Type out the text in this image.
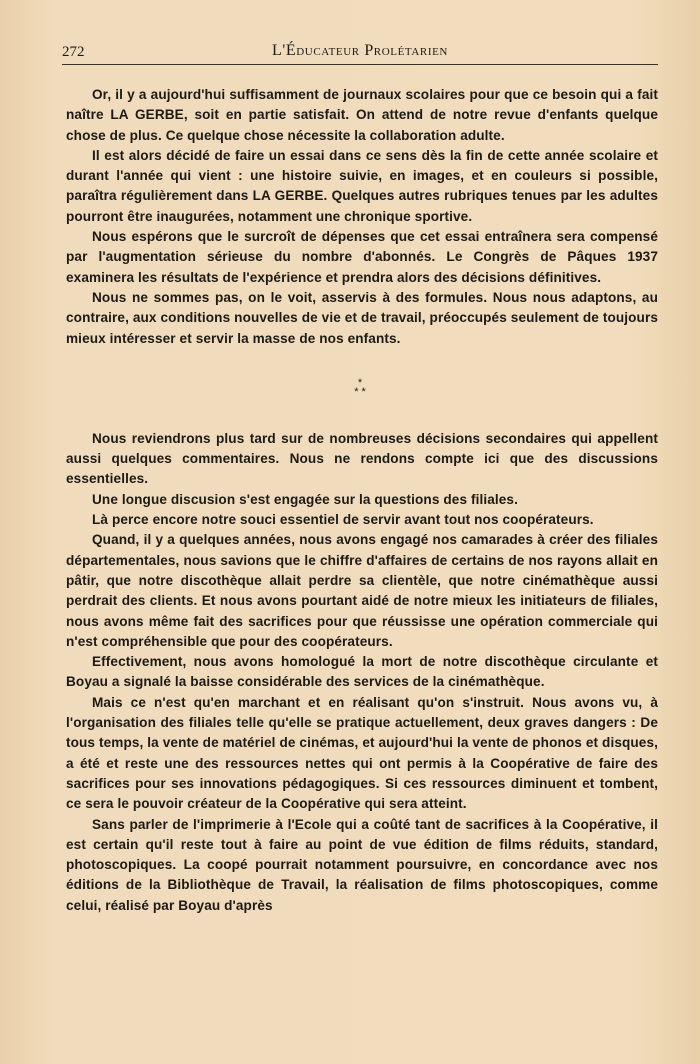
272	L'Éducateur Prolétarien

Or, il y a aujourd'hui suffisamment de journaux scolaires pour que ce besoin qui a fait naître LA GERBE, soit en partie satisfait. On attend de notre revue d'enfants quelque chose de plus. Ce quelque chose nécessite la collaboration adulte.

Il est alors décidé de faire un essai dans ce sens dès la fin de cette année scolaire et durant l'année qui vient : une histoire suivie, en images, et en couleurs si possible, paraîtra régulièrement dans LA GERBE. Quelques autres rubriques tenues par les adultes pourront être inaugurées, notamment une chronique sportive.

Nous espérons que le surcroît de dépenses que cet essai entraînera sera compensé par l'augmentation sérieuse du nombre d'abonnés. Le Congrès de Pâques 1937 examinera les résultats de l'expérience et prendra alors des décisions définitives.

Nous ne sommes pas, on le voit, asservis à des formules. Nous nous adaptons, au contraire, aux conditions nouvelles de vie et de travail, préoccupés seulement de toujours mieux intéresser et servir la masse de nos enfants.

*
* *

Nous reviendrons plus tard sur de nombreuses décisions secondaires qui appellent aussi quelques commentaires. Nous ne rendons compte ici que des discussions essentielles.

Une longue discusion s'est engagée sur la questions des filiales.

Là perce encore notre souci essentiel de servir avant tout nos coopérateurs.

Quand, il y a quelques années, nous avons engagé nos camarades à créer des filiales départementales, nous savions que le chiffre d'affaires de certains de nos rayons allait en pâtir, que notre discothèque allait perdre sa clientèle, que notre cinémathèque aussi perdrait des clients. Et nous avons pourtant aidé de notre mieux les initiateurs de filiales, nous avons même fait des sacrifices pour que réussisse une opération commerciale qui n'est compréhensible que pour des coopérateurs.

Effectivement, nous avons homologué la mort de notre discothèque circulante et Boyau a signalé la baisse considérable des services de la cinémathèque.

Mais ce n'est qu'en marchant et en réalisant qu'on s'instruit. Nous avons vu, à l'organisation des filiales telle qu'elle se pratique actuellement, deux graves dangers : De tous temps, la vente de matériel de cinémas, et aujourd'hui la vente de phonos et disques, a été et reste une des ressources nettes qui ont permis à la Coopérative de faire des sacrifices pour ses innovations pédagogiques. Si ces ressources diminuent et tombent, ce sera le pouvoir créateur de la Coopérative qui sera atteint.

Sans parler de l'imprimerie à l'Ecole qui a coûté tant de sacrifices à la Coopérative, il est certain qu'il reste tout à faire au point de vue édition de films réduits, standard, photoscopiques. La coopé pourrait notamment poursuivre, en concordance avec nos éditions de la Bibliothèque de Travail, la réalisation de films photoscopiques, comme celui, réalisé par Boyau d'après
